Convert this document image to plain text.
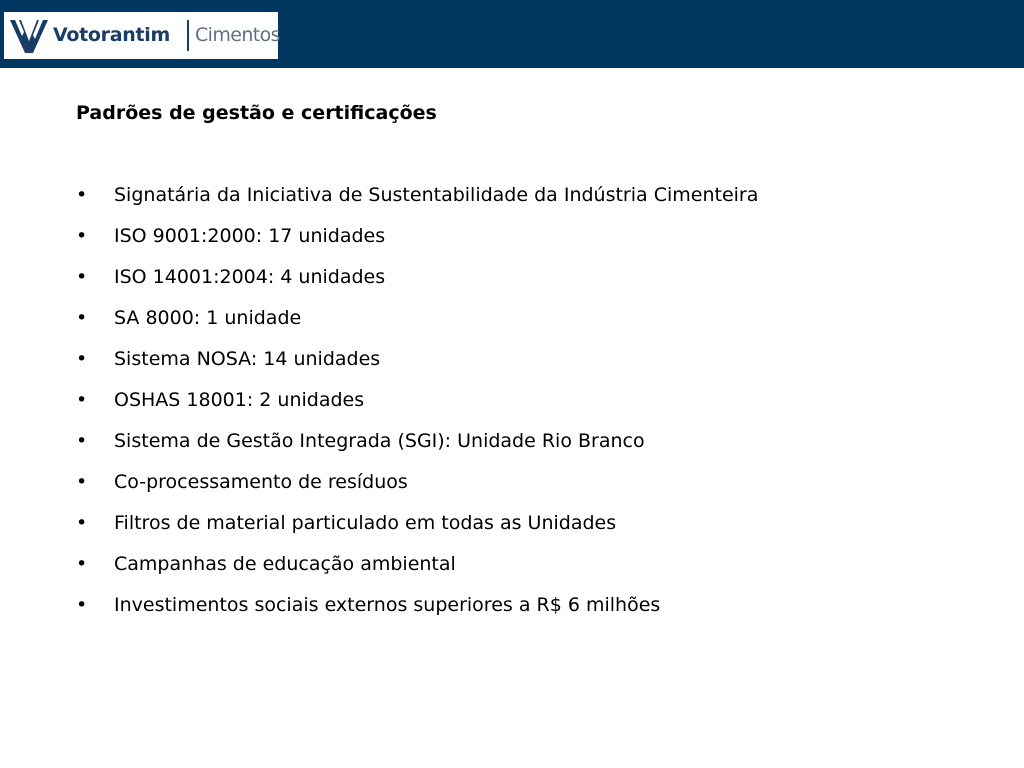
Votorantim Cimentos
Padrões de gestão e certificações
•	Signatária da Iniciativa de Sustentabilidade da Indústria Cimenteira
•	ISO 9001:2000: 17 unidades
•	ISO 14001:2004: 4 unidades
•	SA 8000: 1 unidade
•	Sistema NOSA: 14 unidades
•	OSHAS 18001: 2 unidades
•	Sistema de Gestão Integrada (SGI): Unidade Rio Branco
•	Co-processamento de resíduos
•	Filtros de material particulado em todas as Unidades
•	Campanhas de educação ambiental
•	Investimentos sociais externos superiores a R$ 6 milhões
